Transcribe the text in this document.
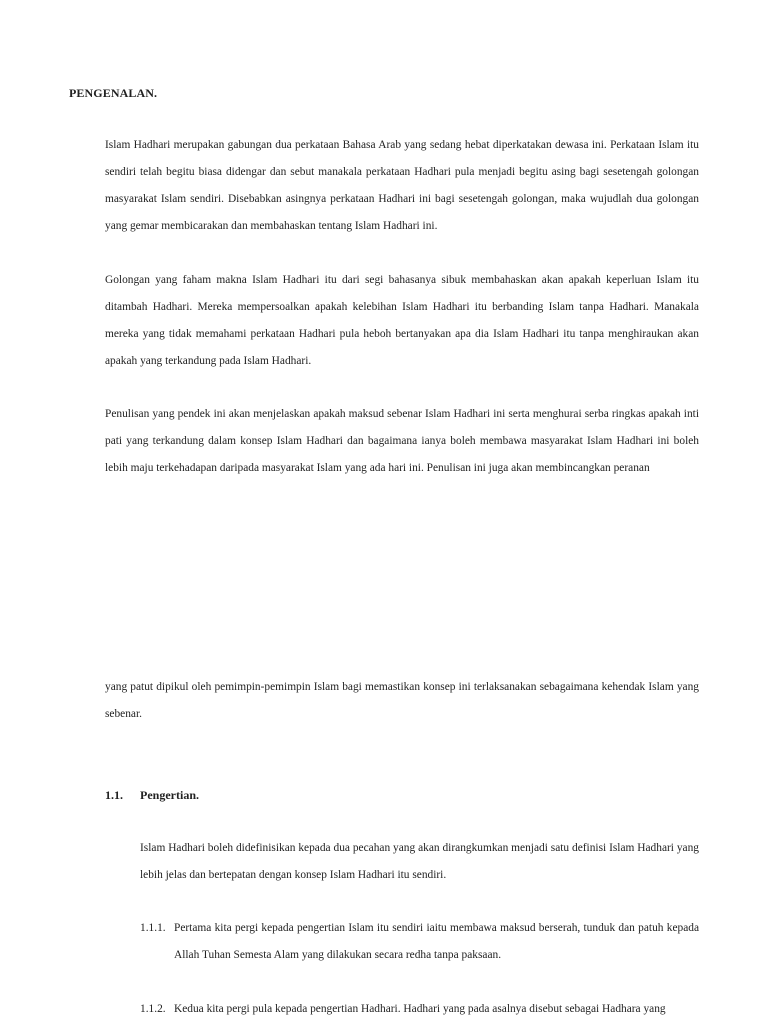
PENGENALAN.

Islam Hadhari merupakan gabungan dua perkataan Bahasa Arab yang sedang hebat diperkatakan dewasa ini. Perkataan Islam itu sendiri telah begitu biasa didengar dan sebut manakala perkataan Hadhari pula menjadi begitu asing bagi sesetengah golongan masyarakat Islam sendiri. Disebabkan asingnya perkataan Hadhari ini bagi sesetengah golongan, maka wujudlah dua golongan yang gemar membicarakan dan membahaskan tentang Islam Hadhari ini.

Golongan yang faham makna Islam Hadhari itu dari segi bahasanya sibuk membahaskan akan apakah keperluan Islam itu ditambah Hadhari. Mereka mempersoalkan apakah kelebihan Islam Hadhari itu berbanding Islam tanpa Hadhari. Manakala mereka yang tidak memahami perkataan Hadhari pula heboh bertanyakan apa dia Islam Hadhari itu tanpa menghiraukan akan apakah yang terkandung pada Islam Hadhari.

Penulisan yang pendek ini akan menjelaskan apakah maksud sebenar Islam Hadhari ini serta menghurai serba ringkas apakah inti pati yang terkandung dalam konsep Islam Hadhari dan bagaimana ianya boleh membawa masyarakat Islam Hadhari ini boleh lebih maju terkehadapan daripada masyarakat Islam yang ada hari ini. Penulisan ini juga akan membincangkan peranan

yang patut dipikul oleh pemimpin-pemimpin Islam bagi memastikan konsep ini terlaksanakan sebagaimana kehendak Islam yang sebenar.

1.1. Pengertian.

Islam Hadhari boleh didefinisikan kepada dua pecahan yang akan dirangkumkan menjadi satu definisi Islam Hadhari yang lebih jelas dan bertepatan dengan konsep Islam Hadhari itu sendiri.

1.1.1. Pertama kita pergi kepada pengertian Islam itu sendiri iaitu membawa maksud berserah, tunduk dan patuh kepada Allah Tuhan Semesta Alam yang dilakukan secara redha tanpa paksaan.

1.1.2. Kedua kita pergi pula kepada pengertian Hadhari. Hadhari yang pada asalnya disebut sebagai Hadhara yang
